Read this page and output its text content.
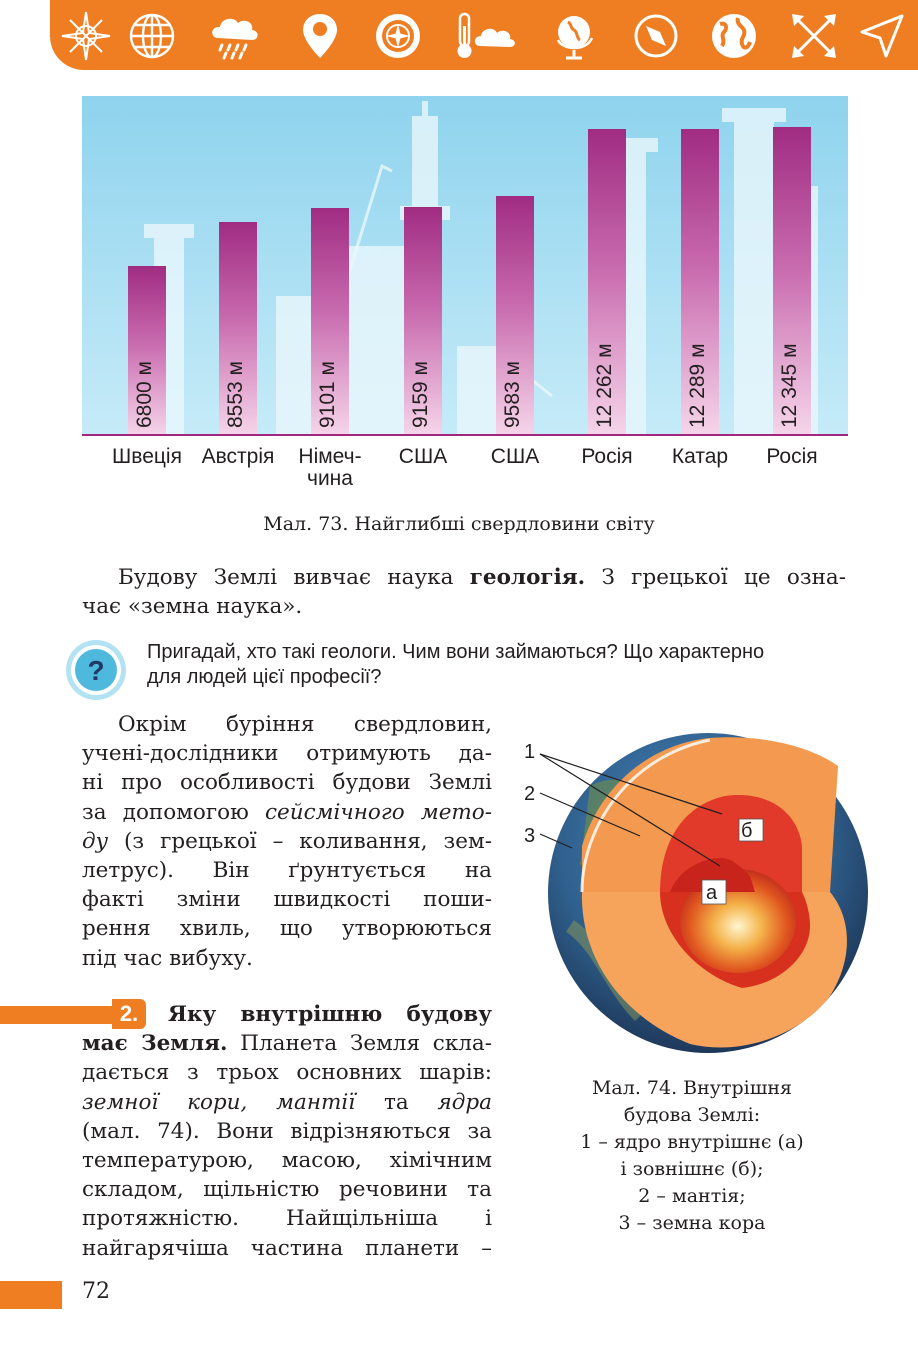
6800 м	8553 м	9101 м	9159 м	9583 м	12 262 м	12 289 м	12 345 м
Швеція Австрія	Німеч-
чина
США	США	Росія	Катар	Росія
Мал. 73. Найглибші свердловини світу
Будову Землі вивчає наука геологія. З грецької це озна-
чає «земна наука».
?
Пригадай, хто такі геологи. Чим вони займаються? Що характерно
для людей цієї професії?
Окрім буріння свердловин,
учені-дослідники отримують да-
ні про особливості будови Землі
за допомогою сейсмічного мето-
ду (з грецької – коливання, зем-
летрус). Він ґрунтується на
факті зміни швидкості поши-
рення хвиль, що утворюються
під час вибуху.
2.	Яку внутрішню будову
має Земля. Планета Земля скла-
дається з трьох основних шарів:
земної кори, мантії та ядра
(мал. 74). Вони відрізняються за
температурою, масою, хімічним
складом, щільністю речовини та
протяжністю. Найщільніша і
найгарячіша частина планети –
б
а
1
2
3
Мал. 74. Внутрішня
будова Землі:
1 – ядро внутрішнє (а)
і зовнішнє (б);
2 – мантія;
3 – земна кора
72
